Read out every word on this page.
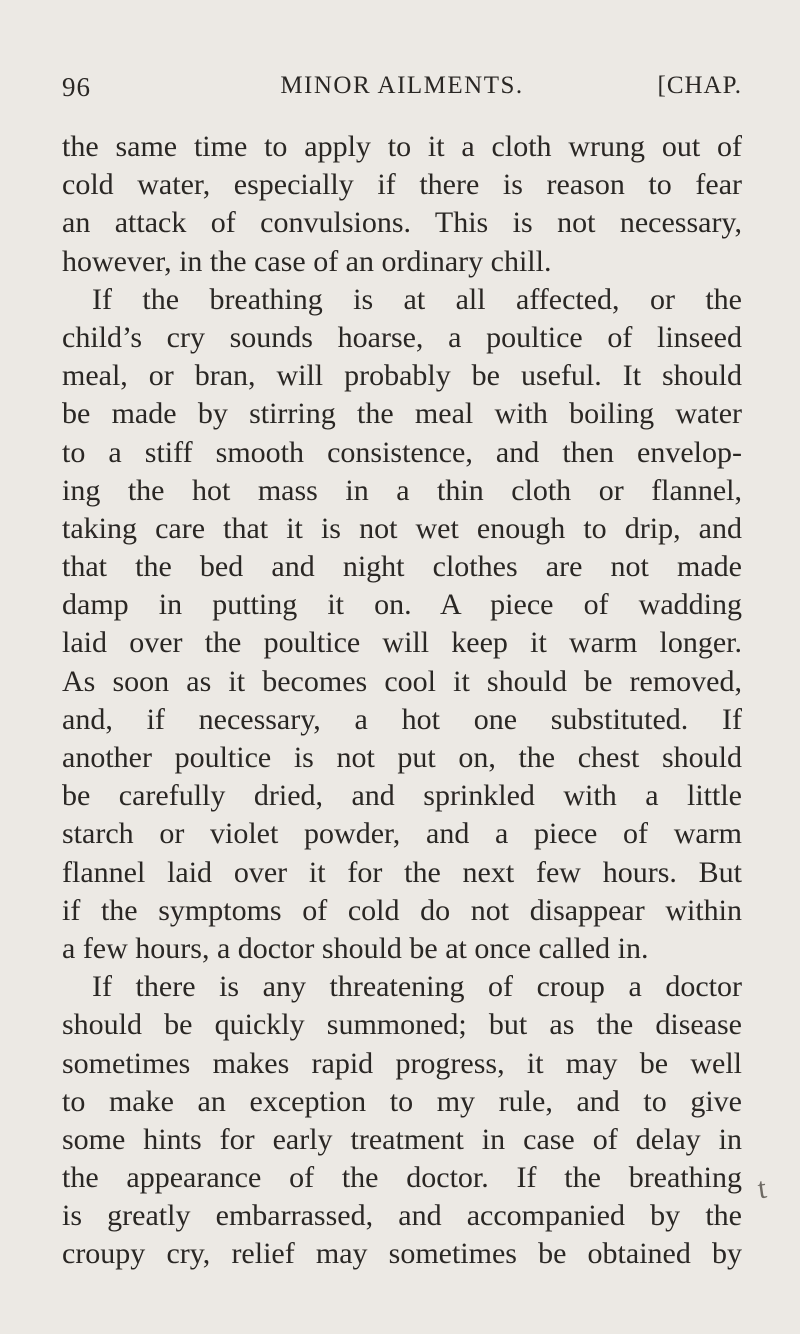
96	MINOR AILMENTS.	[CHAP.
the same time to apply to it a cloth wrung out of
cold water, especially if there is reason to fear
an attack of convulsions. This is not necessary,
however, in the case of an ordinary chill.
If the breathing is at all affected, or the
child’s cry sounds hoarse, a poultice of linseed
meal, or bran, will probably be useful. It should
be made by stirring the meal with boiling water
to a stiff smooth consistence, and then envelop-
ing the hot mass in a thin cloth or flannel,
taking care that it is not wet enough to drip, and
that the bed and night clothes are not made
damp in putting it on. A piece of wadding
laid over the poultice will keep it warm longer.
As soon as it becomes cool it should be removed,
and, if necessary, a hot one substituted. If
another poultice is not put on, the chest should
be carefully dried, and sprinkled with a little
starch or violet powder, and a piece of warm
flannel laid over it for the next few hours. But
if the symptoms of cold do not disappear within
a few hours, a doctor should be at once called in.
If there is any threatening of croup a doctor
should be quickly summoned; but as the disease
sometimes makes rapid progress, it may be well
to make an exception to my rule, and to give
some hints for early treatment in case of delay in
the appearance of the doctor. If the breathing
is greatly embarrassed, and accompanied by the
croupy cry, relief may sometimes be obtained by
t
